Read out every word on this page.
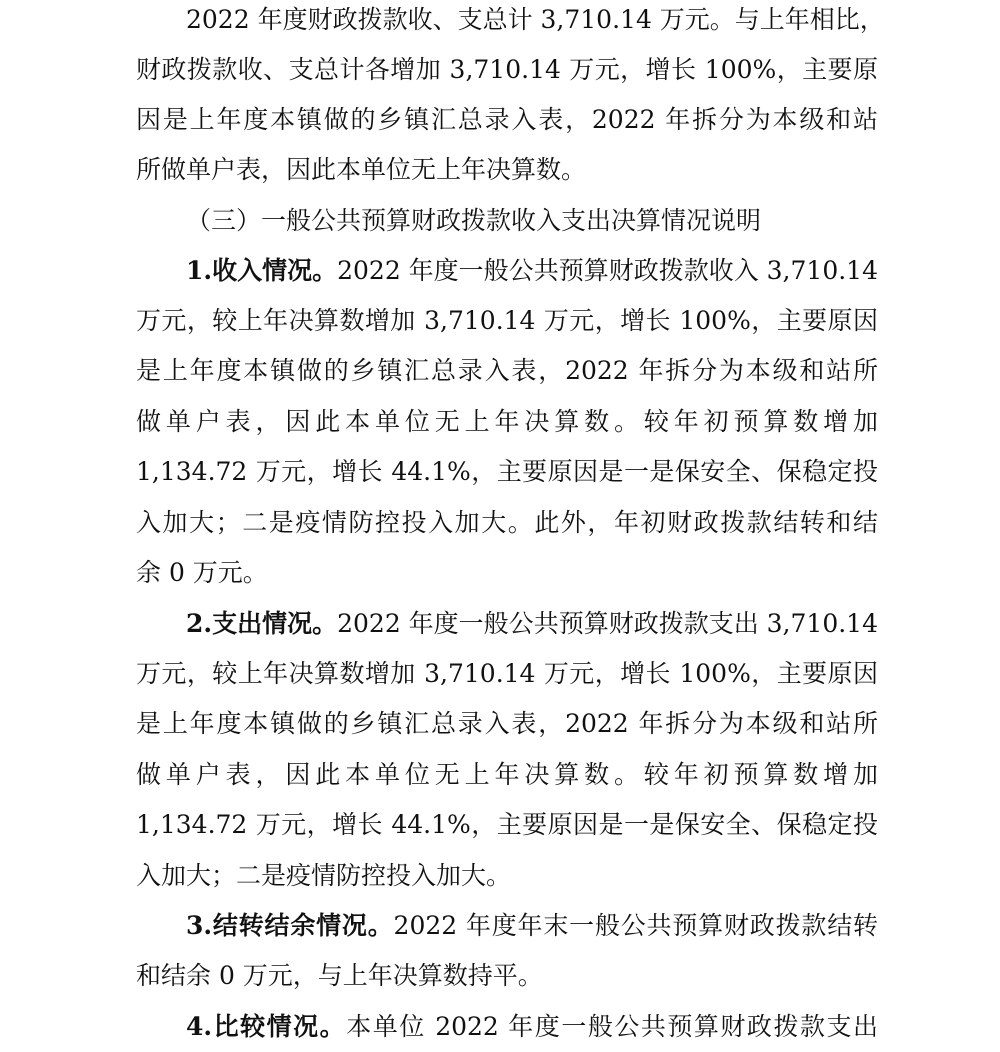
2022 年度财政拨款收、支总计 3,710.14 万元。与上年相比，
财政拨款收、支总计各增加 3,710.14 万元，增长 100%，主要原
因是上年度本镇做的乡镇汇总录入表，2022 年拆分为本级和站
所做单户表，因此本单位无上年决算数。
（三）一般公共预算财政拨款收入支出决算情况说明
1.收入情况。2022 年度一般公共预算财政拨款收入 3,710.14
万元，较上年决算数增加 3,710.14 万元，增长 100%，主要原因
是上年度本镇做的乡镇汇总录入表，2022 年拆分为本级和站所
做单户表，因此本单位无上年决算数。较年初预算数增加
1,134.72 万元，增长 44.1%，主要原因是一是保安全、保稳定投
入加大；二是疫情防控投入加大。此外，年初财政拨款结转和结
余 0 万元。
2.支出情况。2022 年度一般公共预算财政拨款支出 3,710.14
万元，较上年决算数增加 3,710.14 万元，增长 100%，主要原因
是上年度本镇做的乡镇汇总录入表，2022 年拆分为本级和站所
做单户表，因此本单位无上年决算数。较年初预算数增加
1,134.72 万元，增长 44.1%，主要原因是一是保安全、保稳定投
入加大；二是疫情防控投入加大。
3.结转结余情况。2022 年度年末一般公共预算财政拨款结转
和结余 0 万元，与上年决算数持平。
4.比较情况。本单位 2022 年度一般公共预算财政拨款支出
